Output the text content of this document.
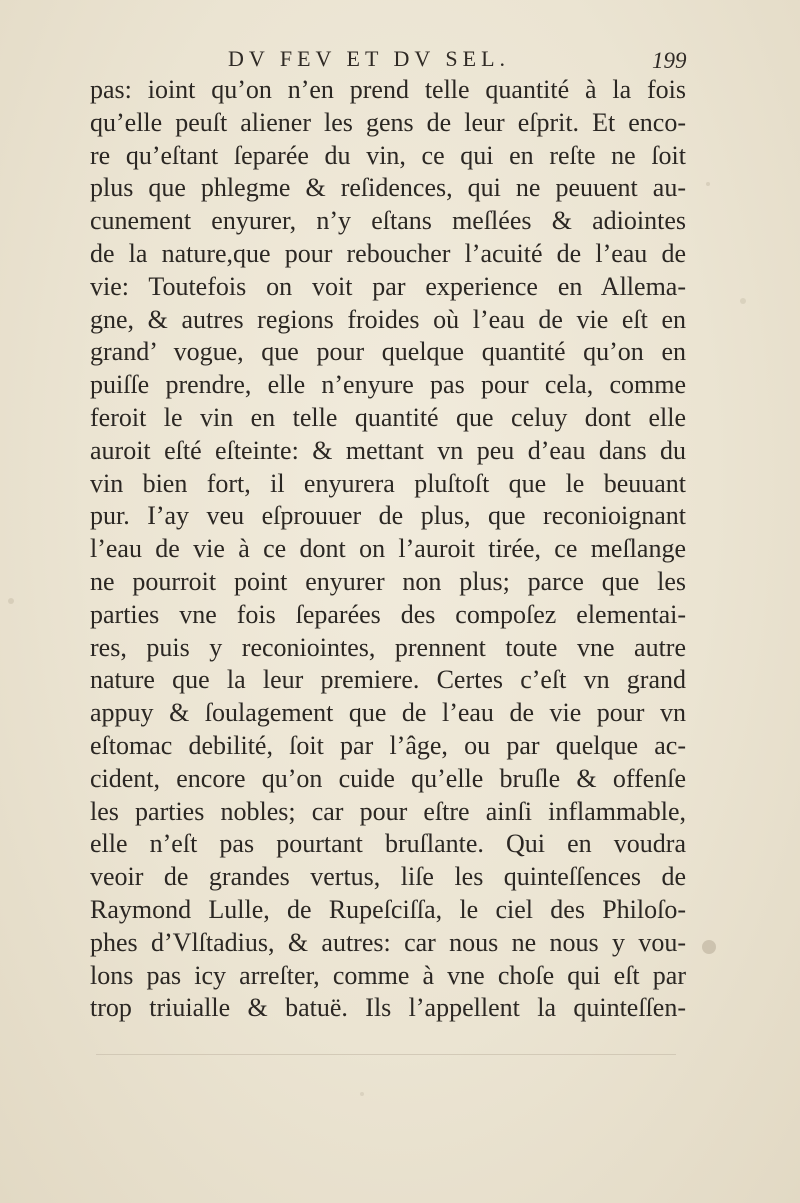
DV FEV ET DV SEL.	199
pas: ioint qu’on n’en prend telle quantité à la fois
qu’elle peuſt aliener les gens de leur eſprit. Et enco-
re qu’eſtant ſeparée du vin, ce qui en reſte ne ſoit
plus que phlegme & reſidences, qui ne peuuent au-
cunement enyurer, n’y eſtans meſlées & adiointes
de la nature,que pour reboucher l’acuité de l’eau de
vie: Toutefois on voit par experience en Allema-
gne, & autres regions froides où l’eau de vie eſt en
grand’ vogue, que pour quelque quantité qu’on en
puiſſe prendre, elle n’enyure pas pour cela, comme
feroit le vin en telle quantité que celuy dont elle
auroit eſté eſteinte: & mettant vn peu d’eau dans du
vin bien fort, il enyurera pluſtoſt que le beuuant
pur. I’ay veu eſprouuer de plus, que reconioignant
l’eau de vie à ce dont on l’auroit tirée, ce meſlange
ne pourroit point enyurer non plus; parce que les
parties vne fois ſeparées des compoſez elementai-
res, puis y reconiointes, prennent toute vne autre
nature que la leur premiere. Certes c’eſt vn grand
appuy & ſoulagement que de l’eau de vie pour vn
eſtomac debilité, ſoit par l’âge, ou par quelque ac-
cident, encore qu’on cuide qu’elle bruſle & offenſe
les parties nobles; car pour eſtre ainſi inflammable,
elle n’eſt pas pourtant bruſlante. Qui en voudra
veoir de grandes vertus, liſe les quinteſſences de
Raymond Lulle, de Rupeſciſſa, le ciel des Philoſo-
phes d’Vlſtadius, & autres: car nous ne nous y vou-
lons pas icy arreſter, comme à vne choſe qui eſt par
trop triuialle & batuë. Ils l’appellent la quinteſſen-
